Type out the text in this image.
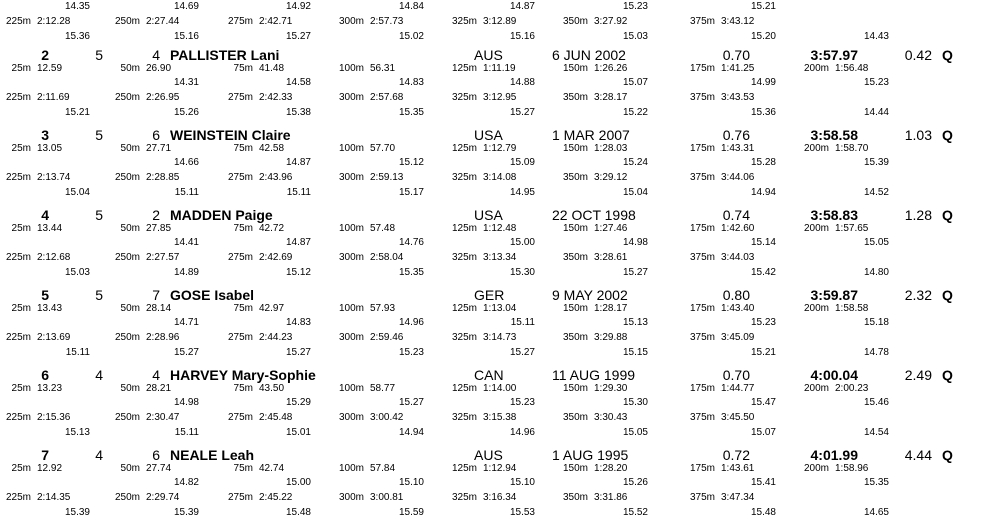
14.35	14.69	14.92	14.84	14.87	15.23	15.21
225m 2:12.28	250m 2:27.44	275m 2:42.71	300m 2:57.73	325m 3:12.89	350m 3:27.92	375m 3:43.12
15.36	15.16	15.27	15.02	15.16	15.03	15.20	14.43
2	5	4 PALLISTER Lani	AUS	6 JUN 2002	0.70	3:57.97	0.42 Q
25m 12.59	50m 26.90	75m 41.48	100m 56.31	125m 1:11.19	150m 1:26.26	175m 1:41.25	200m 1:56.48
14.31	14.58	14.83	14.88	15.07	14.99	15.23
225m 2:11.69	250m 2:26.95	275m 2:42.33	300m 2:57.68	325m 3:12.95	350m 3:28.17	375m 3:43.53
15.21	15.26	15.38	15.35	15.27	15.22	15.36	14.44
3	5	6 WEINSTEIN Claire	USA	1 MAR 2007	0.76	3:58.58	1.03 Q
25m 13.05	50m 27.71	75m 42.58	100m 57.70	125m 1:12.79	150m 1:28.03	175m 1:43.31	200m 1:58.70
14.66	14.87	15.12	15.09	15.24	15.28	15.39
225m 2:13.74	250m 2:28.85	275m 2:43.96	300m 2:59.13	325m 3:14.08	350m 3:29.12	375m 3:44.06
15.04	15.11	15.11	15.17	14.95	15.04	14.94	14.52
4	5	2 MADDEN Paige	USA	22 OCT 1998	0.74	3:58.83	1.28 Q
25m 13.44	50m 27.85	75m 42.72	100m 57.48	125m 1:12.48	150m 1:27.46	175m 1:42.60	200m 1:57.65
14.41	14.87	14.76	15.00	14.98	15.14	15.05
225m 2:12.68	250m 2:27.57	275m 2:42.69	300m 2:58.04	325m 3:13.34	350m 3:28.61	375m 3:44.03
15.03	14.89	15.12	15.35	15.30	15.27	15.42	14.80
5	5	7 GOSE Isabel	GER	9 MAY 2002	0.80	3:59.87	2.32 Q
25m 13.43	50m 28.14	75m 42.97	100m 57.93	125m 1:13.04	150m 1:28.17	175m 1:43.40	200m 1:58.58
14.71	14.83	14.96	15.11	15.13	15.23	15.18
225m 2:13.69	250m 2:28.96	275m 2:44.23	300m 2:59.46	325m 3:14.73	350m 3:29.88	375m 3:45.09
15.11	15.27	15.27	15.23	15.27	15.15	15.21	14.78
6	4	4 HARVEY Mary-Sophie	CAN	11 AUG 1999	0.70	4:00.04	2.49 Q
25m 13.23	50m 28.21	75m 43.50	100m 58.77	125m 1:14.00	150m 1:29.30	175m 1:44.77	200m 2:00.23
14.98	15.29	15.27	15.23	15.30	15.47	15.46
225m 2:15.36	250m 2:30.47	275m 2:45.48	300m 3:00.42	325m 3:15.38	350m 3:30.43	375m 3:45.50
15.13	15.11	15.01	14.94	14.96	15.05	15.07	14.54
7	4	6 NEALE Leah	AUS	1 AUG 1995	0.72	4:01.99	4.44 Q
25m 12.92	50m 27.74	75m 42.74	100m 57.84	125m 1:12.94	150m 1:28.20	175m 1:43.61	200m 1:58.96
14.82	15.00	15.10	15.10	15.26	15.41	15.35
225m 2:14.35	250m 2:29.74	275m 2:45.22	300m 3:00.81	325m 3:16.34	350m 3:31.86	375m 3:47.34
15.39	15.39	15.48	15.59	15.53	15.52	15.48	14.65
